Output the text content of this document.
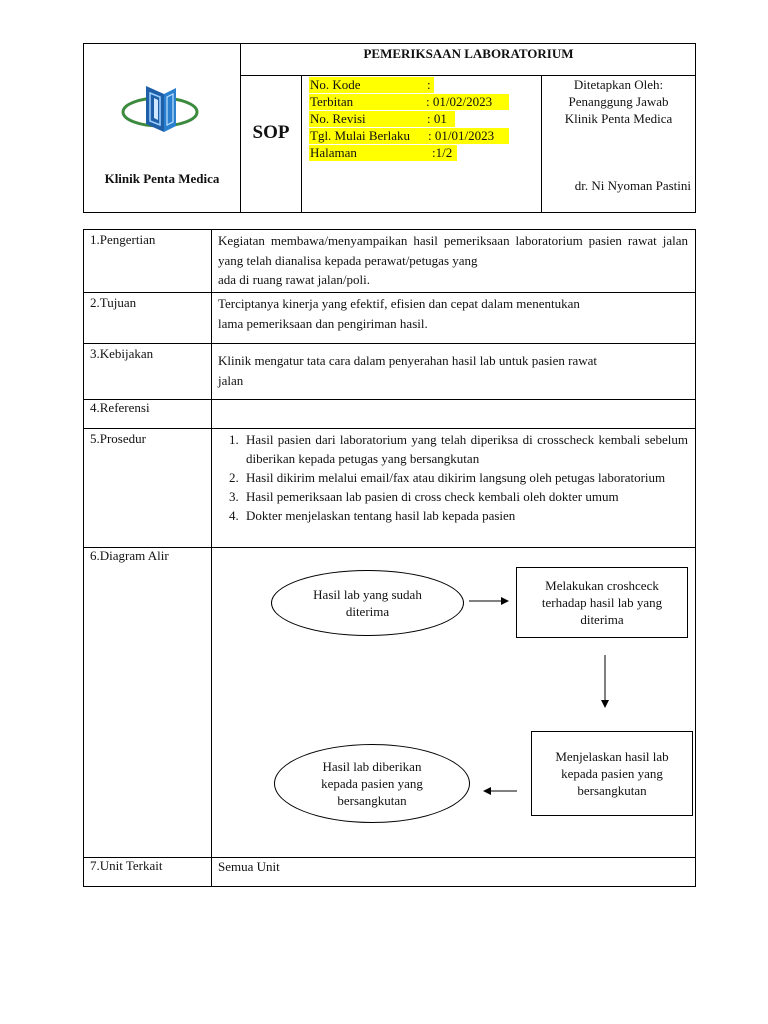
Klinik Penta Medica
PEMERIKSAAN LABORATORIUM
SOP
No. Kode	:
Terbitan	: 01/02/2023
No. Revisi	: 01
Tgl. Mulai Berlaku : 01/01/2023
Halaman	:1/2
Ditetapkan Oleh:
Penanggung Jawab
Klinik Penta Medica
dr. Ni Nyoman Pastini
1.Pengertian	Kegiatan membawa/menyampaikan hasil pemeriksaan laboratorium pasien rawat jalan yang telah dianalisa kepada perawat/petugas yang
ada di ruang rawat jalan/poli.
2.Tujuan	Terciptanya kinerja yang efektif, efisien dan cepat dalam menentukan
lama pemeriksaan dan pengiriman hasil.
3.Kebijakan	Klinik mengatur tata cara dalam penyerahan hasil lab untuk pasien rawat
jalan
4.Referensi
5.Prosedur
1.	Hasil pasien dari laboratorium yang telah diperiksa di crosscheck kembali sebelum diberikan kepada petugas yang bersangkutan
2. Hasil dikirim melalui email/fax atau dikirim langsung oleh petugas laboratorium
3. Hasil pemeriksaan lab pasien di cross check kembali oleh dokter umum
4. Dokter menjelaskan tentang hasil lab kepada pasien
6.Diagram Alir
Hasil lab yang sudah diterima
Melakukan croshceck terhadap hasil lab yang diterima
Menjelaskan hasil lab kepada pasien yang bersangkutan
Hasil lab diberikan kepada pasien yang bersangkutan
7.Unit Terkait	Semua Unit
